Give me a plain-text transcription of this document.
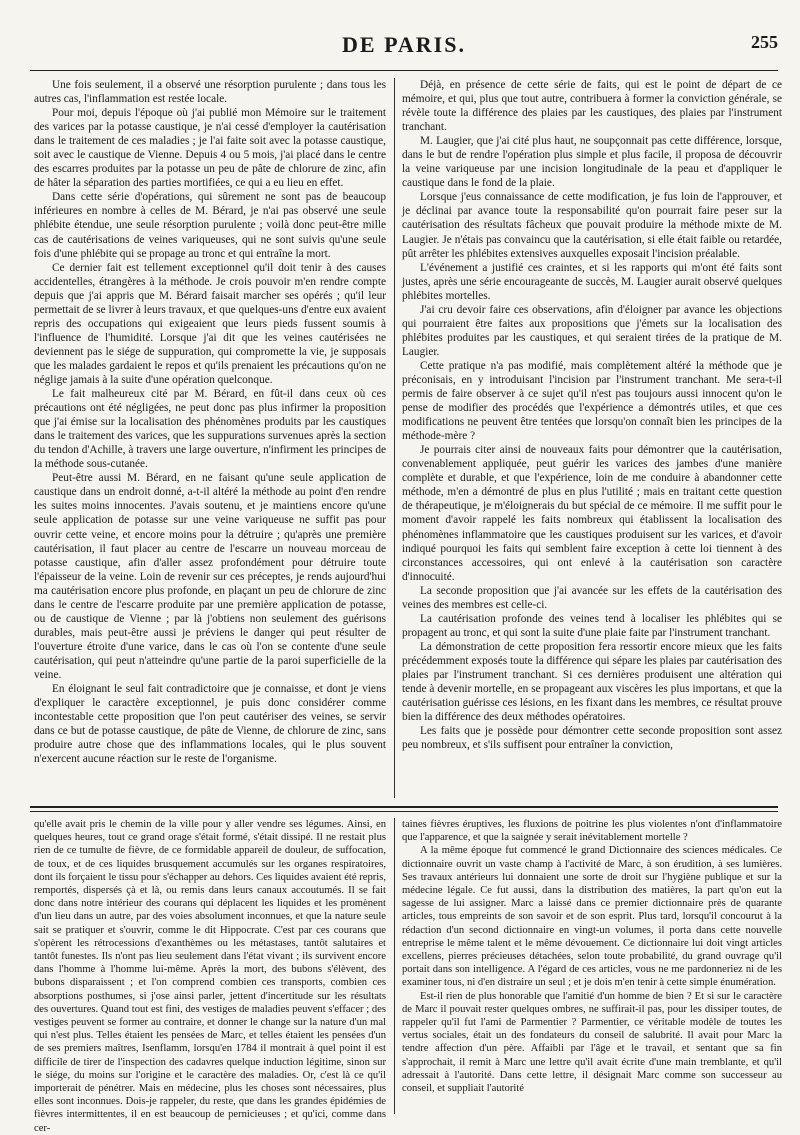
DE PARIS.	255

Une fois seulement, il a observé une résorption purulente ; dans tous les autres cas, l'inflammation est restée locale.

Pour moi, depuis l'époque où j'ai publié mon Mémoire sur le traitement des varices par la potasse caustique, je n'ai cessé d'employer la cautérisation dans le traitement de ces maladies ; je l'ai faite soit avec la potasse caustique, soit avec le caustique de Vienne. Depuis 4 ou 5 mois, j'ai placé dans le centre des escarres produites par la potasse un peu de pâte de chlorure de zinc, afin de hâter la séparation des parties mortifiées, ce qui a eu lieu en effet.

Dans cette série d'opérations, qui sûrement ne sont pas de beaucoup inférieures en nombre à celles de M. Bérard, je n'ai pas observé une seule phlébite étendue, une seule résorption purulente ; voilà donc peut-être mille cas de cautérisations de veines variqueuses, qui ne sont suivis qu'une seule fois d'une phlébite qui se propage au tronc et qui entraîne la mort.

Ce dernier fait est tellement exceptionnel qu'il doit tenir à des causes accidentelles, étrangères à la méthode. Je crois pouvoir m'en rendre compte depuis que j'ai appris que M. Bérard faisait marcher ses opérés ; qu'il leur permettait de se livrer à leurs travaux, et que quelques-uns d'entre eux avaient repris des occupations qui exigeaient que leurs pieds fussent soumis à l'influence de l'humidité. Lorsque j'ai dit que les veines cautérisées ne deviennent pas le siége de suppuration, qui compromette la vie, je supposais que les malades gardaient le repos et qu'ils prenaient les précautions qu'on ne néglige jamais à la suite d'une opération quelconque.

Le fait malheureux cité par M. Bérard, en fût-il dans ceux où ces précautions ont été négligées, ne peut donc pas plus infirmer la proposition que j'ai émise sur la localisation des phénomènes produits par les caustiques dans le traitement des varices, que les suppurations survenues après la section du tendon d'Achille, à travers une large ouverture, n'infirment les principes de la méthode sous-cutanée.

Peut-être aussi M. Bérard, en ne faisant qu'une seule application de caustique dans un endroit donné, a-t-il altéré la méthode au point d'en rendre les suites moins innocentes. J'avais soutenu, et je maintiens encore qu'une seule application de potasse sur une veine variqueuse ne suffit pas pour ouvrir cette veine, et encore moins pour la détruire ; qu'après une première cautérisation, il faut placer au centre de l'escarre un nouveau morceau de potasse caustique, afin d'aller assez profondément pour détruire toute l'épaisseur de la veine. Loin de revenir sur ces préceptes, je rends aujourd'hui ma cautérisation encore plus profonde, en plaçant un peu de chlorure de zinc dans le centre de l'escarre produite par une première application de potasse, ou de caustique de Vienne ; par là j'obtiens non seulement des guérisons durables, mais peut-être aussi je préviens le danger qui peut résulter de l'ouverture étroite d'une varice, dans le cas où l'on se contente d'une seule cautérisation, qui peut n'atteindre qu'une partie de la paroi superficielle de la veine.

En éloignant le seul fait contradictoire que je connaisse, et dont je viens d'expliquer le caractère exceptionnel, je puis donc considérer comme incontestable cette proposition que l'on peut cautériser des veines, se servir dans ce but de potasse caustique, de pâte de Vienne, de chlorure de zinc, sans produire autre chose que des inflammations locales, qui le plus souvent n'exercent aucune réaction sur le reste de l'organisme.

Déjà, en présence de cette série de faits, qui est le point de départ de ce mémoire, et qui, plus que tout autre, contribuera à former la conviction générale, se révèle toute la différence des plaies par les caustiques, des plaies par l'instrument tranchant.

M. Laugier, que j'ai cité plus haut, ne soupçonnait pas cette différence, lorsque, dans le but de rendre l'opération plus simple et plus facile, il proposa de découvrir la veine variqueuse par une incision longitudinale de la peau et d'appliquer le caustique dans le fond de la plaie.

Lorsque j'eus connaissance de cette modification, je fus loin de l'approuver, et je déclinai par avance toute la responsabilité qu'on pourrait faire peser sur la cautérisation des résultats fâcheux que pouvait produire la méthode mixte de M. Laugier. Je n'étais pas convaincu que la cautérisation, si elle était faible ou retardée, pût arrêter les phlébites extensives auxquelles exposait l'incision préalable.

L'événement a justifié ces craintes, et si les rapports qui m'ont été faits sont justes, après une série encourageante de succès, M. Laugier aurait observé quelques phlébites mortelles.

J'ai cru devoir faire ces observations, afin d'éloigner par avance les objections qui pourraient être faites aux propositions que j'émets sur la localisation des phlébites produites par les caustiques, et qui seraient tirées de la pratique de M. Laugier.

Cette pratique n'a pas modifié, mais complètement altéré la méthode que je préconisais, en y introduisant l'incision par l'instrument tranchant. Me sera-t-il permis de faire observer à ce sujet qu'il n'est pas toujours aussi innocent qu'on le pense de modifier des procédés que l'expérience a démontrés utiles, et que ces modifications ne peuvent être tentées que lorsqu'on connaît bien les principes de la méthode-mère ?

Je pourrais citer ainsi de nouveaux faits pour démontrer que la cautérisation, convenablement appliquée, peut guérir les varices des jambes d'une manière complète et durable, et que l'expérience, loin de me conduire à abandonner cette méthode, m'en a démontré de plus en plus l'utilité ; mais en traitant cette question de thérapeutique, je m'éloignerais du but spécial de ce mémoire. Il me suffit pour le moment d'avoir rappelé les faits nombreux qui établissent la localisation des phénomènes inflammatoire que les caustiques produisent sur les varices, et d'avoir indiqué pourquoi les faits qui semblent faire exception à cette loi tiennent à des circonstances accessoires, qui ont enlevé à la cautérisation son caractère d'innocuité.

La seconde proposition que j'ai avancée sur les effets de la cautérisation des veines des membres est celle-ci.

La cautérisation profonde des veines tend à localiser les phlébites qui se propagent au tronc, et qui sont la suite d'une plaie faite par l'instrument tranchant.

La démonstration de cette proposition fera ressortir encore mieux que les faits précédemment exposés toute la différence qui sépare les plaies par cautérisation des plaies par l'instrument tranchant. Si ces dernières produisent une altération qui tende à devenir mortelle, en se propageant aux viscères les plus importans, et que la cautérisation guérisse ces lésions, en les fixant dans les membres, ce résultat prouve bien la différence des deux méthodes opératoires.

Les faits que je possède pour démontrer cette seconde proposition sont assez peu nombreux, et s'ils suffisent pour entraîner la conviction,

qu'elle avait pris le chemin de la ville pour y aller vendre ses légumes. Ainsi, en quelques heures, tout ce grand orage s'était formé, s'était dissipé. Il ne restait plus rien de ce tumulte de fièvre, de ce formidable appareil de douleur, de suffocation, de toux, et de ces liquides brusquement accumulés sur les organes respiratoires, dont ils forçaient le tissu pour s'échapper au dehors. Ces liquides avaient été repris, remportés, dispersés çà et là, ou remis dans leurs canaux accoutumés. Il se fait donc dans notre intérieur des courans qui déplacent les liquides et les promènent d'un lieu dans un autre, par des voies absolument inconnues, et que la nature seule sait se pratiquer et s'ouvrir, comme le dit Hippocrate. C'est par ces courans que s'opèrent les rétrocessions d'exanthèmes ou les métastases, tantôt salutaires et tantôt funestes. Ils n'ont pas lieu seulement dans l'état vivant ; ils survivent encore dans l'homme à l'homme lui-même. Après la mort, des bubons s'élèvent, des bubons disparaissent ; et l'on comprend combien ces transports, combien ces absorptions posthumes, si j'ose ainsi parler, jettent d'incertitude sur les résultats des ouvertures. Quand tout est fini, des vestiges de maladies peuvent s'effacer ; des vestiges peuvent se former au contraire, et donner le change sur la nature d'un mal qui n'est plus. Telles étaient les pensées de Marc, et telles étaient les pensées d'un de ses premiers maîtres, Isenflamm, lorsqu'en 1784 il montrait à quel point il est difficile de tirer de l'inspection des cadavres quelque induction légitime, sinon sur le siége, du moins sur l'origine et le caractère des maladies. Or, c'est là ce qu'il importerait de pénétrer. Mais en médecine, plus les choses sont nécessaires, plus elles sont inconnues. Dois-je rappeler, du reste, que dans les grandes épidémies de fièvres intermittentes, il en est beaucoup de pernicieuses ; et qu'ici, comme dans cer-

taines fièvres éruptives, les fluxions de poitrine les plus violentes n'ont d'inflammatoire que l'apparence, et que la saignée y serait inévitablement mortelle ?

A la même époque fut commencé le grand Dictionnaire des sciences médicales. Ce dictionnaire ouvrit un vaste champ à l'activité de Marc, à son érudition, à ses lumières. Ses travaux antérieurs lui donnaient une sorte de droit sur l'hygiène publique et sur la médecine légale. Ce fut aussi, dans la distribution des matières, la part qu'on eut la sagesse de lui assigner. Marc a laissé dans ce premier dictionnaire près de quarante articles, tous empreints de son savoir et de son esprit. Plus tard, lorsqu'il concourut à la rédaction d'un second dictionnaire en vingt-un volumes, il porta dans cette nouvelle entreprise le même talent et le même dévouement. Ce dictionnaire lui doit vingt articles excellens, pierres précieuses détachées, selon toute probabilité, du grand ouvrage qu'il portait dans son intelligence. A l'égard de ces articles, vous ne me pardonneriez ni de les examiner tous, ni d'en distraire un seul ; et je dois m'en tenir à cette simple énumération.

Est-il rien de plus honorable que l'amitié d'un homme de bien ? Et si sur le caractère de Marc il pouvait rester quelques ombres, ne suffirait-il pas, pour les dissiper toutes, de rappeler qu'il fut l'ami de Parmentier ? Parmentier, ce véritable modèle de toutes les vertus sociales, était un des fondateurs du conseil de salubrité. Il avait pour Marc la tendre affection d'un père. Affaibli par l'âge et le travail, et sentant que sa fin s'approchait, il remit à Marc une lettre qu'il avait écrite d'une main tremblante, et qu'il adressait à l'autorité. Dans cette lettre, il désignait Marc comme son successeur au conseil, et suppliait l'autorité
